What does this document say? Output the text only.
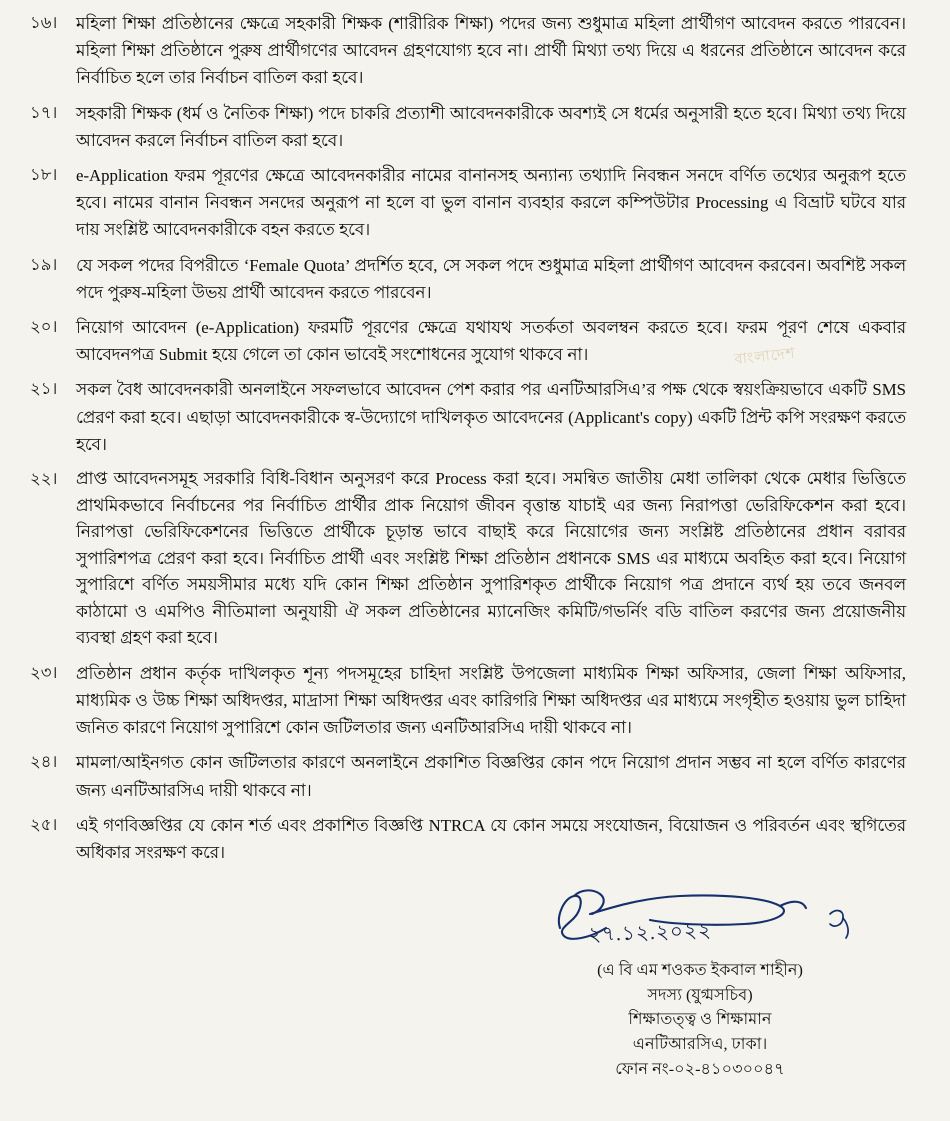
বাংলাদেশ
১৬।	মহিলা শিক্ষা প্রতিষ্ঠানের ক্ষেত্রে সহকারী শিক্ষক (শারীরিক শিক্ষা) পদের জন্য শুধুমাত্র মহিলা প্রার্থীগণ আবেদন করতে পারবেন। মহিলা শিক্ষা প্রতিষ্ঠানে পুরুষ প্রার্থীগণের আবেদন গ্রহণযোগ্য হবে না। প্রার্থী মিথ্যা তথ্য দিয়ে এ ধরনের প্রতিষ্ঠানে আবেদন করে নির্বাচিত হলে তার নির্বাচন বাতিল করা হবে।
১৭।	সহকারী শিক্ষক (ধর্ম ও নৈতিক শিক্ষা) পদে চাকরি প্রত্যাশী আবেদনকারীকে অবশ্যই সে ধর্মের অনুসারী হতে হবে। মিথ্যা তথ্য দিয়ে আবেদন করলে নির্বাচন বাতিল করা হবে।
১৮।	e-Application ফরম পূরণের ক্ষেত্রে আবেদনকারীর নামের বানানসহ অন্যান্য তথ্যাদি নিবন্ধন সনদে বর্ণিত তথ্যের অনুরূপ হতে হবে। নামের বানান নিবন্ধন সনদের অনুরূপ না হলে বা ভুল বানান ব্যবহার করলে কম্পিউটার Processing এ বিভ্রাট ঘটবে যার দায় সংশ্লিষ্ট আবেদনকারীকে বহন করতে হবে।
১৯।	যে সকল পদের বিপরীতে ‘Female Quota’ প্রদর্শিত হবে, সে সকল পদে শুধুমাত্র মহিলা প্রার্থীগণ আবেদন করবেন। অবশিষ্ট সকল পদে পুরুষ-মহিলা উভয় প্রার্থী আবেদন করতে পারবেন।
২০।	নিয়োগ আবেদন (e-Application) ফরমটি পূরণের ক্ষেত্রে যথাযথ সতর্কতা অবলম্বন করতে হবে। ফরম পূরণ শেষে একবার আবেদনপত্র Submit হয়ে গেলে তা কোন ভাবেই সংশোধনের সুযোগ থাকবে না।
২১।	সকল বৈধ আবেদনকারী অনলাইনে সফলভাবে আবেদন পেশ করার পর এনটিআরসিএ’র পক্ষ থেকে স্বয়ংক্রিয়ভাবে একটি SMS প্রেরণ করা হবে। এছাড়া আবেদনকারীকে স্ব-উদ্যোগে দাখিলকৃত আবেদনের (Applicant's copy) একটি প্রিন্ট কপি সংরক্ষণ করতে হবে।
২২।	প্রাপ্ত আবেদনসমূহ সরকারি বিধি-বিধান অনুসরণ করে Process করা হবে। সমন্বিত জাতীয় মেধা তালিকা থেকে মেধার ভিত্তিতে প্রাথমিকভাবে নির্বাচনের পর নির্বাচিত প্রার্থীর প্রাক নিয়োগ জীবন বৃত্তান্ত যাচাই এর জন্য নিরাপত্তা ভেরিফিকেশন করা হবে। নিরাপত্তা ভেরিফিকেশনের ভিত্তিতে প্রার্থীকে চূড়ান্ত ভাবে বাছাই করে নিয়োগের জন্য সংশ্লিষ্ট প্রতিষ্ঠানের প্রধান বরাবর সুপারিশপত্র প্রেরণ করা হবে। নির্বাচিত প্রার্থী এবং সংশ্লিষ্ট শিক্ষা প্রতিষ্ঠান প্রধানকে SMS এর মাধ্যমে অবহিত করা হবে। নিয়োগ সুপারিশে বর্ণিত সময়সীমার মধ্যে যদি কোন শিক্ষা প্রতিষ্ঠান সুপারিশকৃত প্রার্থীকে নিয়োগ পত্র প্রদানে ব্যর্থ হয় তবে জনবল কাঠামো ও এমপিও নীতিমালা অনুযায়ী ঐ সকল প্রতিষ্ঠানের ম্যানেজিং কমিটি/গভর্নিং বডি বাতিল করণের জন্য প্রয়োজনীয় ব্যবস্থা গ্রহণ করা হবে।
২৩।	প্রতিষ্ঠান প্রধান কর্তৃক দাখিলকৃত শূন্য পদসমূহের চাহিদা সংশ্লিষ্ট উপজেলা মাধ্যমিক শিক্ষা অফিসার, জেলা শিক্ষা অফিসার, মাধ্যমিক ও উচ্চ শিক্ষা অধিদপ্তর, মাদ্রাসা শিক্ষা অধিদপ্তর এবং কারিগরি শিক্ষা অধিদপ্তর এর মাধ্যমে সংগৃহীত হওয়ায় ভুল চাহিদা জনিত কারণে নিয়োগ সুপারিশে কোন জটিলতার জন্য এনটিআরসিএ দায়ী থাকবে না।
২৪।	মামলা/আইনগত কোন জটিলতার কারণে অনলাইনে প্রকাশিত বিজ্ঞপ্তির কোন পদে নিয়োগ প্রদান সম্ভব না হলে বর্ণিত কারণের জন্য এনটিআরসিএ দায়ী থাকবে না।
২৫।	এই গণবিজ্ঞপ্তির যে কোন শর্ত এবং প্রকাশিত বিজ্ঞপ্তি NTRCA যে কোন সময়ে সংযোজন, বিয়োজন ও পরিবর্তন এবং স্থগিতের অধিকার সংরক্ষণ করে।
২৭.১২.২০২২
(এ বি এম শওকত ইকবাল শাহীন)
সদস্য (যুগ্মসচিব)
শিক্ষাতত্ত্ব ও শিক্ষামান
এনটিআরসিএ, ঢাকা।
ফোন নং-০২-৪১০৩০০৪৭
